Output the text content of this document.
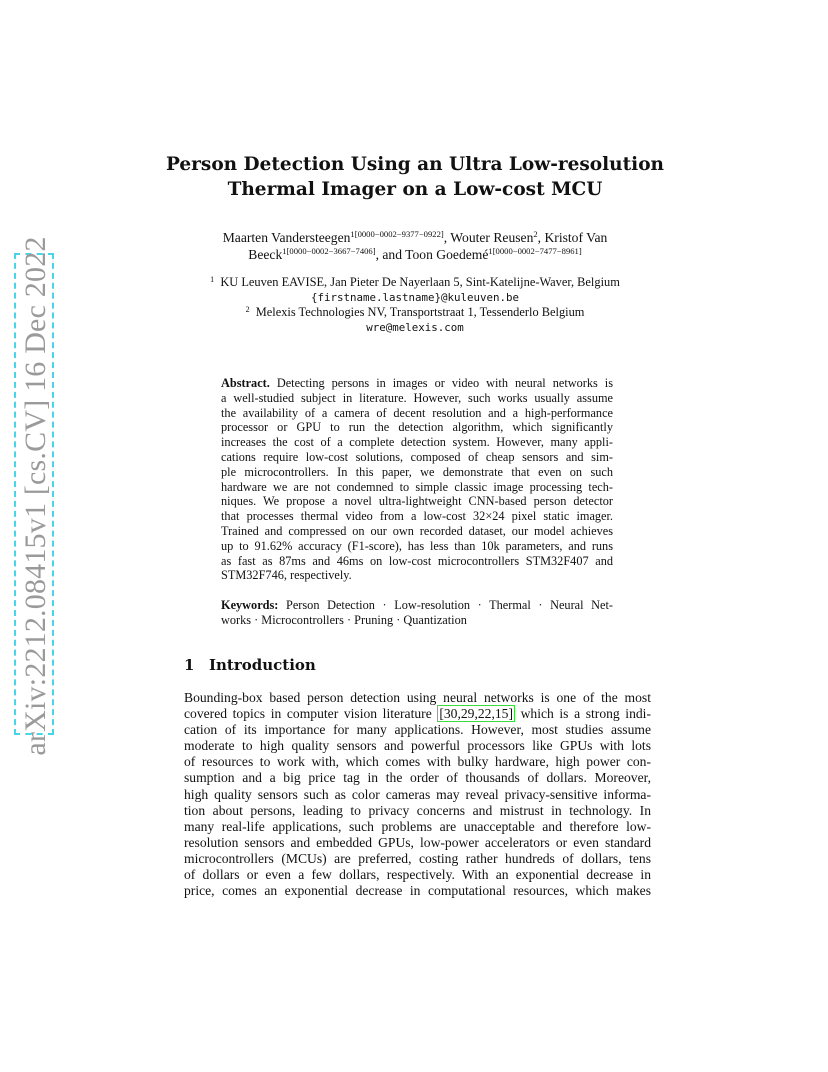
arXiv:2212.08415v1 [cs.CV] 16 Dec 2022
Person Detection Using an Ultra Low-resolution
Thermal Imager on a Low-cost MCU
Maarten Vandersteegen$^{1[0000-0002-9377-0922]}$, Wouter Reusen$^2$, Kristof Van
Beeck$^{1[0000-0002-3667-7406]}$, and Toon Goedemé$^{1[0000-0002-7477-8961]}$
$^1$ KU Leuven EAVISE, Jan Pieter De Nayerlaan 5, Sint-Katelijne-Waver, Belgium
{firstname.lastname}@kuleuven.be
$^2$ Melexis Technologies NV, Transportstraat 1, Tessenderlo Belgium
wre@melexis.com
Abstract. Detecting persons in images or video with neural networks is
a well-studied subject in literature. However, such works usually assume
the availability of a camera of decent resolution and a high-performance
processor or GPU to run the detection algorithm, which significantly
increases the cost of a complete detection system. However, many appli-
cations require low-cost solutions, composed of cheap sensors and sim-
ple microcontrollers. In this paper, we demonstrate that even on such
hardware we are not condemned to simple classic image processing tech-
niques. We propose a novel ultra-lightweight CNN-based person detector
that processes thermal video from a low-cost 32×24 pixel static imager.
Trained and compressed on our own recorded dataset, our model achieves
up to 91.62% accuracy (F1-score), has less than 10k parameters, and runs
as fast as 87ms and 46ms on low-cost microcontrollers STM32F407 and
STM32F746, respectively.
Keywords: Person Detection · Low-resolution · Thermal · Neural Net-
works · Microcontrollers · Pruning · Quantization
1 Introduction
Bounding-box based person detection using neural networks is one of the most
covered topics in computer vision literature [30,29,22,15] which is a strong indi-
cation of its importance for many applications. However, most studies assume
moderate to high quality sensors and powerful processors like GPUs with lots
of resources to work with, which comes with bulky hardware, high power con-
sumption and a big price tag in the order of thousands of dollars. Moreover,
high quality sensors such as color cameras may reveal privacy-sensitive informa-
tion about persons, leading to privacy concerns and mistrust in technology. In
many real-life applications, such problems are unacceptable and therefore low-
resolution sensors and embedded GPUs, low-power accelerators or even standard
microcontrollers (MCUs) are preferred, costing rather hundreds of dollars, tens
of dollars or even a few dollars, respectively. With an exponential decrease in
price, comes an exponential decrease in computational resources, which makes
